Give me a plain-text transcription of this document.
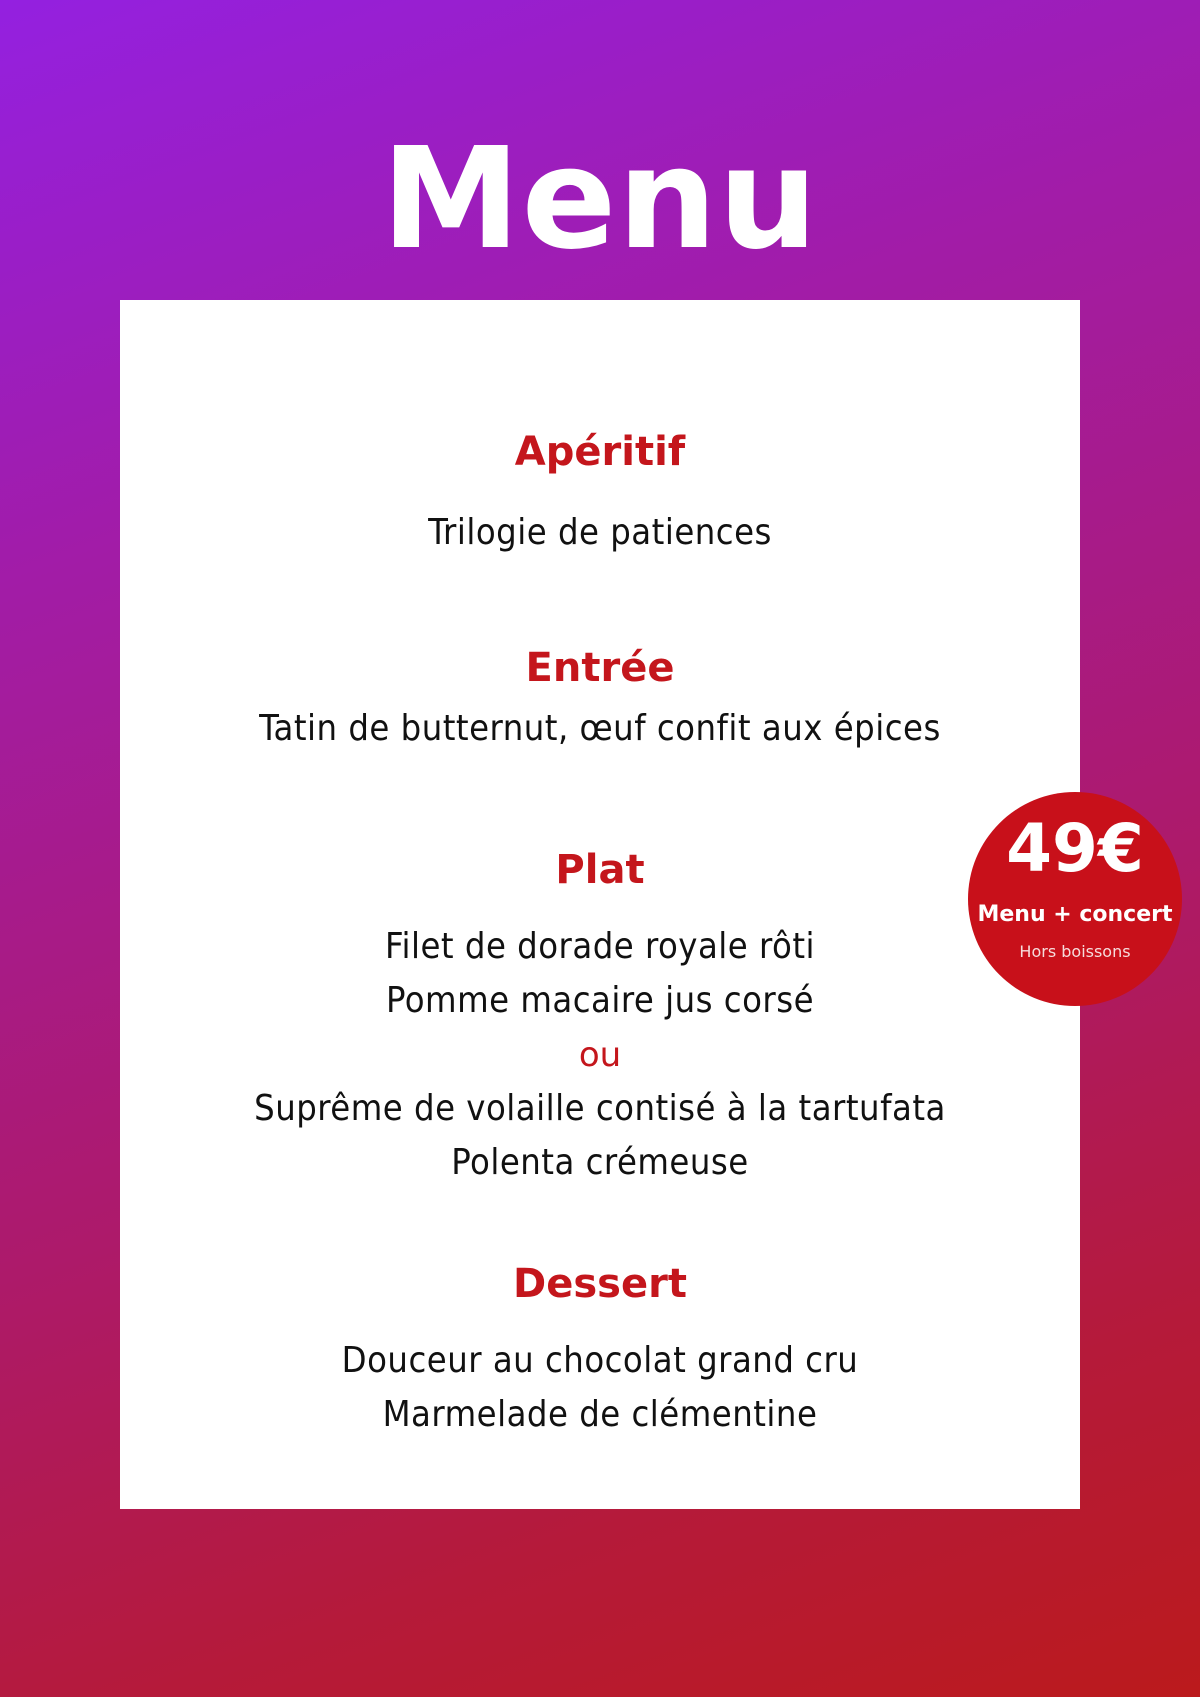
Menu
Apéritif
Trilogie de patiences
Entrée
Tatin de butternut, œuf confit aux épices
Plat
Filet de dorade royale rôti
Pomme macaire jus corsé
ou
Suprême de volaille contisé à la tartufata
Polenta crémeuse
Dessert
Douceur au chocolat grand cru
Marmelade de clémentine
49€
Menu + concert
Hors boissons
